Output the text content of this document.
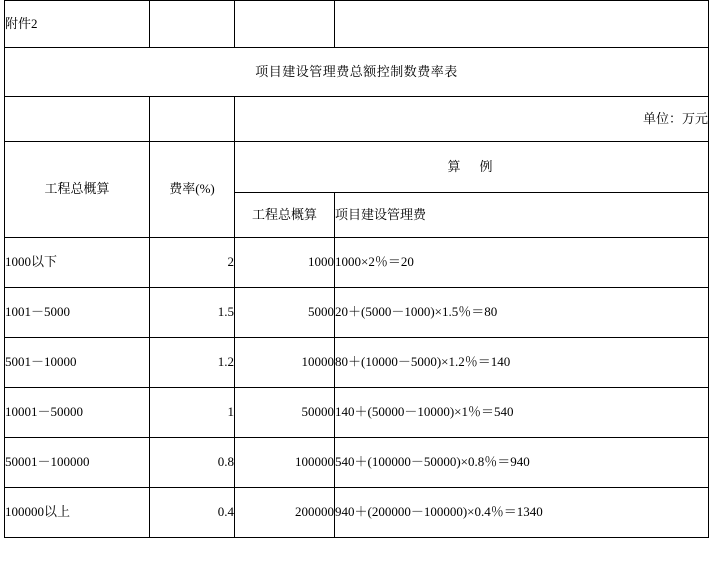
附件2			
项目建设管理费总额控制数费率表			
		单位：万元	
工程总概算	费率(%)	算　例	
		工程总概算	项目建设管理费
1000以下	2	1000	1000×2％＝20
1001－5000	1.5	5000	20＋(5000－1000)×1.5％＝80
5001－10000	1.2	10000	80＋(10000－5000)×1.2％＝140
10001－50000	1	50000	140＋(50000－10000)×1％＝540
50001－100000	0.8	100000	540＋(100000－50000)×0.8％＝940
100000以上	0.4	200000	940＋(200000－100000)×0.4％＝1340
